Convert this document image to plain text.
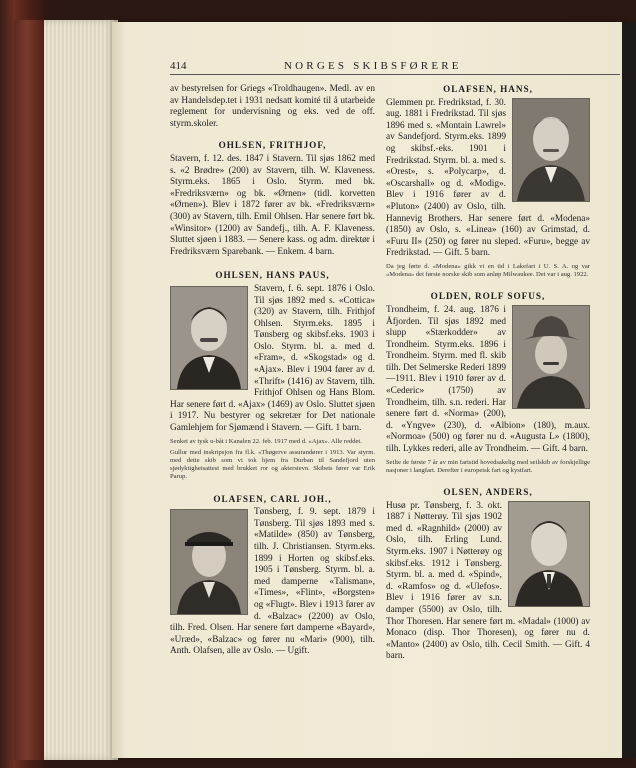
414	NORGES SKIBSFØRERE

av bestyrelsen for Griegs «Troldhaugen». Medl. av en av Handelsdep.tet i 1931 nedsatt komité til å utarbeide reglement for undervisning og eks. ved de off. styrm.skoler.

OHLSEN, FRITHJOF,

Stavern, f. 12. des. 1847 i Stavern. Til sjøs 1862 med s. «2 Brødre» (200) av Stavern, tilh. W. Klaveness. Styrm.eks. 1865 i Oslo. Styrm. med bk. «Fredriksværn» og bk. «Ørnen» (tidl. korvetten «Ørnen»). Blev i 1872 fører av bk. «Fredriksværn» (300) av Stavern, tilh. Emil Ohlsen. Har senere ført bk. «Winsitor» (1200) av Sandefj., tilh. A. F. Klaveness. Sluttet sjøen i 1883. — Senere kass. og adm. direktør i Fredriksværn Sparebank. — Enkem. 4 barn.

OHLSEN, HANS PAUS,

Stavern, f. 6. sept. 1876 i Oslo. Til sjøs 1892 med s. «Cottica» (320) av Stavern, tilh. Frithjof Ohlsen. Styrm.eks. 1895 i Tønsberg og skibsf.eks. 1903 i Oslo. Styrm. bl. a. med d. «Fram», d. «Skogstad» og d. «Ajax». Blev i 1904 fører av d. «Thrift» (1416) av Stavern, tilh. Frithjof Ohlsen og Hans Blom. Har senere ført d. «Ajax» (1469) av Oslo. Sluttet sjøen i 1917. Nu bestyrer og sekretær for Det nationale Gamlehjem for Sjømænd i Stavern. — Gift. 1 barn.

Senket av tysk u-båt i Kanalen 22. feb. 1917 med d. «Ajax». Alle reddet.

Gullur med inskripsjon fra fl.k. «Thøgerve assurandører i 1913. Var styrm. med dette skib som vi tok hjem fra Durban til Sandefjord uten sjødyktighetsattest med brukket ror og akterstevn. Skibets fører var Erik Parup.

OLAFSEN, CARL JOH.,

Tønsberg, f. 9. sept. 1879 i Tønsberg. Til sjøs 1893 med s. «Matilde» (850) av Tønsberg, tilh. J. Christiansen. Styrm.eks. 1899 i Horten og skibsf.eks. 1905 i Tønsberg. Styrm. bl. a. med damperne «Talisman», «Times», «Flint», «Borgsten» og «Flugt». Blev i 1913 fører av d. «Balzac» (2200) av Oslo, tilh. Fred. Olsen. Har senere ført damperne «Bayard», «Uræd», «Balzac» og fører nu «Mari» (900), tilh. Anth. Olafsen, alle av Oslo. — Ugift.

OLAFSEN, HANS,

Glemmen pr. Fredrikstad, f. 30. aug. 1881 i Fredrikstad. Til sjøs 1896 med s. «Montain Lawrel» av Sandefjord. Styrm.eks. 1899 og skibsf.-eks. 1901 i Fredrikstad. Styrm. bl. a. med s. «Orest», s. «Polycarp», d. «Oscarshall» og d. «Modig». Blev i 1916 fører av d. «Pluton» (2400) av Oslo, tilh. Hannevig Brothers. Har senere ført d. «Modena» (1850) av Oslo, s. «Linea» (160) av Grimstad, d. «Furu II» (250) og fører nu sleped. «Furu», begge av Fredrikstad. — Gift. 5 barn.

Da jeg førte d. «Modena» gikk vi en tid i Lakefart i U. S. A. og var «Modena» det første norske skib som anløp Milwaukee. Det var i aug. 1922.

OLDEN, ROLF SOFUS,

Trondheim, f. 24. aug. 1876 i Åfjorden. Til sjøs 1892 med slupp «Stærkodder» av Trondheim. Styrm.eks. 1896 i Trondheim. Styrm. med fl. skib tilh. Det Selmerske Rederi 1899—1911. Blev i 1910 fører av d. «Cederic» (1750) av Trondheim, tilh. s.n. rederi. Har senere ført d. «Norma» (200), d. «Yngve» (230), d. «Albion» (180), m.aux. «Normoa» (500) og fører nu d. «Augusta L» (1800), tilh. Lykkes rederi, alle av Trondheim. — Gift. 4 barn.

Seilte de første 7 år av min fartstid hovedsakelig med seilskib av forskjellige nasjoner i langfart. Derefter i europeisk fart og kystfart.

OLSEN, ANDERS,

Husø pr. Tønsberg, f. 3. okt. 1887 i Nøtterøy. Til sjøs 1902 med d. «Ragnhild» (2000) av Oslo, tilh. Erling Lund. Styrm.eks. 1907 i Nøtterøy og skibsf.eks. 1912 i Tønsberg. Styrm. bl. a. med d. «Spind», d. «Ramfos» og d. «Ulefos». Blev i 1916 fører av s.n. damper (5500) av Oslo, tilh. Thor Thoresen. Har senere ført m. «Madal» (1000) av Monaco (disp. Thor Thoresen), og fører nu d. «Manto» (2400) av Oslo, tilh. Cecil Smith. — Gift. 4 barn.
